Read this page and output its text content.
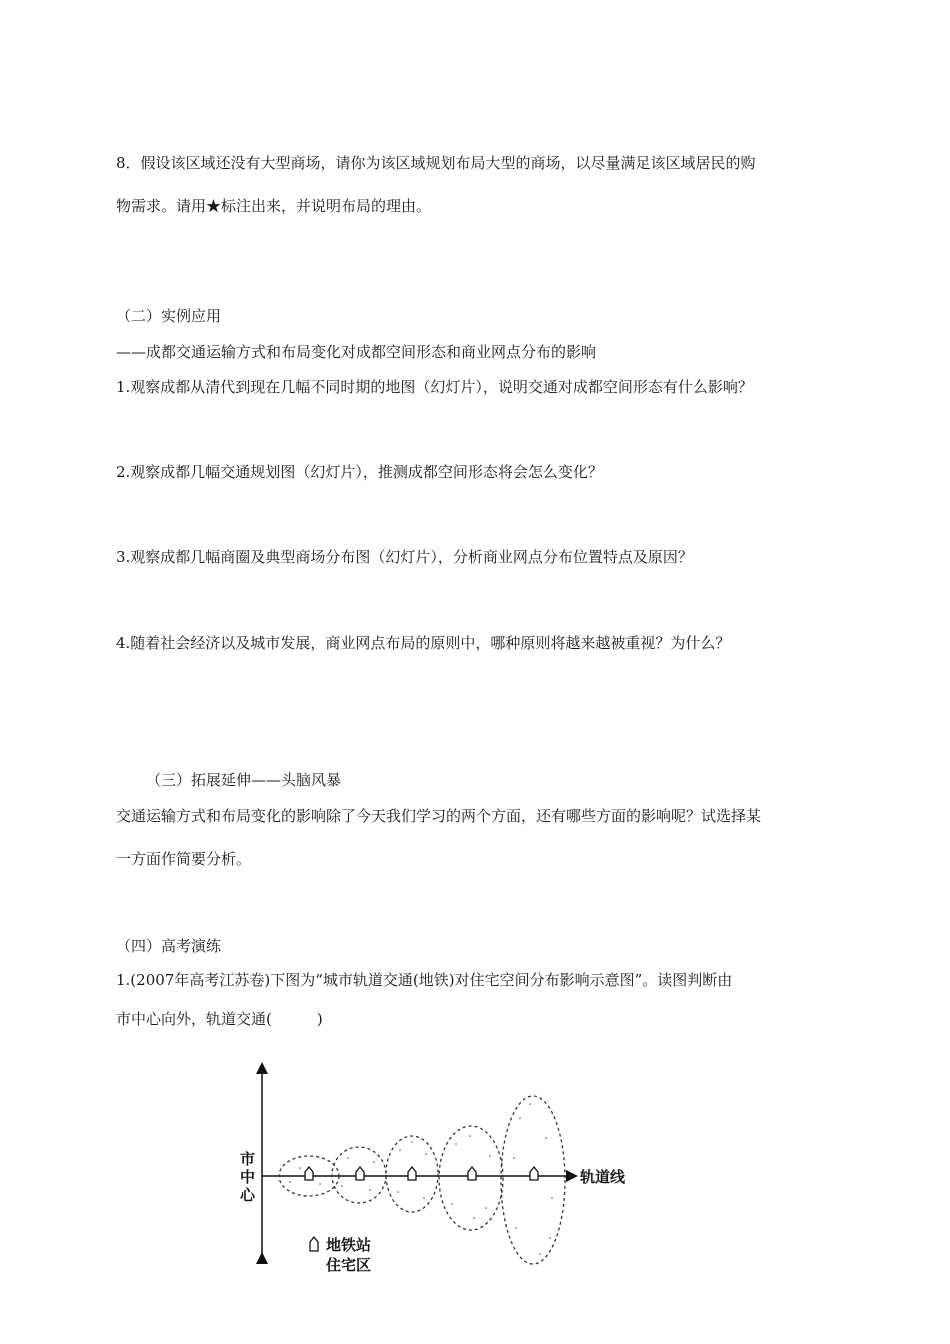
8．假设该区域还没有大型商场，请你为该区域规划布局大型的商场，以尽量满足该区域居民的购
物需求。请用★标注出来，并说明布局的理由。
（二）实例应用
——成都交通运输方式和布局变化对成都空间形态和商业网点分布的影响
1.观察成都从清代到现在几幅不同时期的地图（幻灯片），说明交通对成都空间形态有什么影响？
2.观察成都几幅交通规划图（幻灯片），推测成都空间形态将会怎么变化？
3.观察成都几幅商圈及典型商场分布图（幻灯片），分析商业网点分布位置特点及原因？
4.随着社会经济以及城市发展，商业网点布局的原则中，哪种原则将越来越被重视？为什么？
（三）拓展延伸——头脑风暴
交通运输方式和布局变化的影响除了今天我们学习的两个方面，还有哪些方面的影响呢？试选择某
一方面作简要分析。
（四）高考演练
1.(2007年高考江苏卷)下图为“城市轨道交通(地铁)对住宅空间分布影响示意图”。读图判断由
市中心向外，轨道交通(　　　)
市
中
心
轨道线
地铁站
住宅区
